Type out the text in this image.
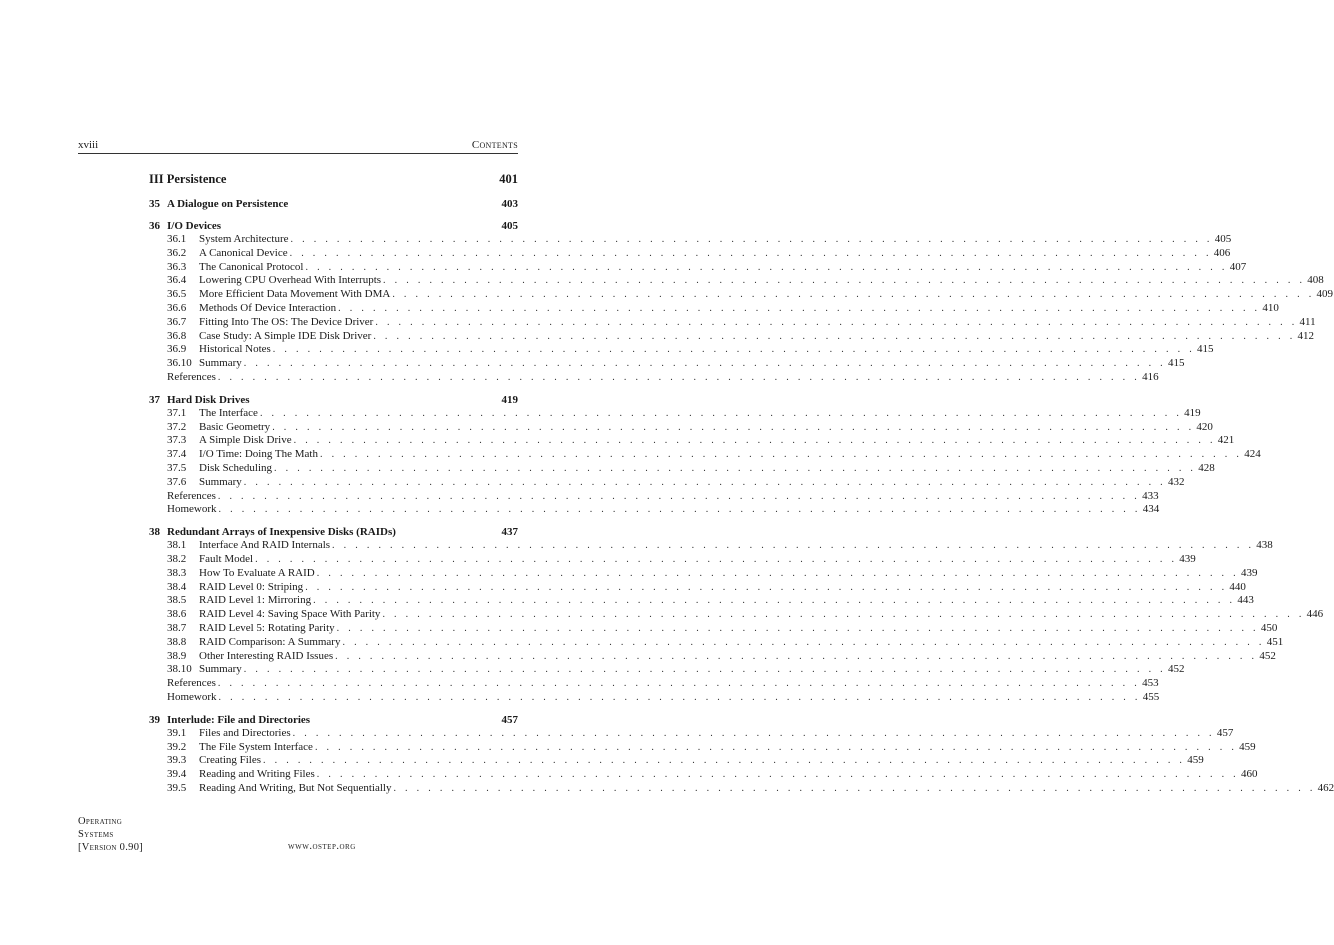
xviii	Contents
III Persistence	401
35 A Dialogue on Persistence	403
36 I/O Devices	405
36.1	System Architecture . . . . . . . . . . . . . . . . . . . . . . . . . . . . . . . . . . . . . . . . . . . . . . . . . . . . . . . . . . . . . . . . . . . . . . . . . . . . . . . . 405
36.2	A Canonical Device . . . . . . . . . . . . . . . . . . . . . . . . . . . . . . . . . . . . . . . . . . . . . . . . . . . . . . . . . . . . . . . . . . . . . . . . . . . . . . . . 406
36.3	The Canonical Protocol . . . . . . . . . . . . . . . . . . . . . . . . . . . . . . . . . . . . . . . . . . . . . . . . . . . . . . . . . . . . . . . . . . . . . . . . . . . . . . . . 407
36.4	Lowering CPU Overhead With Interrupts . . . . . . . . . . . . . . . . . . . . . . . . . . . . . . . . . . . . . . . . . . . . . . . . . . . . . . . . . . . . . . . . . . . . . . . . . . . . . . . . 408
36.5	More Efficient Data Movement With DMA . . . . . . . . . . . . . . . . . . . . . . . . . . . . . . . . . . . . . . . . . . . . . . . . . . . . . . . . . . . . . . . . . . . . . . . . . . . . . . . . 409
36.6	Methods Of Device Interaction . . . . . . . . . . . . . . . . . . . . . . . . . . . . . . . . . . . . . . . . . . . . . . . . . . . . . . . . . . . . . . . . . . . . . . . . . . . . . . . . 410
36.7	Fitting Into The OS: The Device Driver . . . . . . . . . . . . . . . . . . . . . . . . . . . . . . . . . . . . . . . . . . . . . . . . . . . . . . . . . . . . . . . . . . . . . . . . . . . . . . . . 411
36.8	Case Study: A Simple IDE Disk Driver . . . . . . . . . . . . . . . . . . . . . . . . . . . . . . . . . . . . . . . . . . . . . . . . . . . . . . . . . . . . . . . . . . . . . . . . . . . . . . . . 412
36.9	Historical Notes . . . . . . . . . . . . . . . . . . . . . . . . . . . . . . . . . . . . . . . . . . . . . . . . . . . . . . . . . . . . . . . . . . . . . . . . . . . . . . . . 415
36.10 Summary . . . . . . . . . . . . . . . . . . . . . . . . . . . . . . . . . . . . . . . . . . . . . . . . . . . . . . . . . . . . . . . . . . . . . . . . . . . . . . . . 415
References . . . . . . . . . . . . . . . . . . . . . . . . . . . . . . . . . . . . . . . . . . . . . . . . . . . . . . . . . . . . . . . . . . . . . . . . . . . . . . . . 416
37 Hard Disk Drives	419
37.1	The Interface . . . . . . . . . . . . . . . . . . . . . . . . . . . . . . . . . . . . . . . . . . . . . . . . . . . . . . . . . . . . . . . . . . . . . . . . . . . . . . . . 419
37.2	Basic Geometry . . . . . . . . . . . . . . . . . . . . . . . . . . . . . . . . . . . . . . . . . . . . . . . . . . . . . . . . . . . . . . . . . . . . . . . . . . . . . . . . 420
37.3	A Simple Disk Drive . . . . . . . . . . . . . . . . . . . . . . . . . . . . . . . . . . . . . . . . . . . . . . . . . . . . . . . . . . . . . . . . . . . . . . . . . . . . . . . . 421
37.4	I/O Time: Doing The Math . . . . . . . . . . . . . . . . . . . . . . . . . . . . . . . . . . . . . . . . . . . . . . . . . . . . . . . . . . . . . . . . . . . . . . . . . . . . . . . . 424
37.5	Disk Scheduling . . . . . . . . . . . . . . . . . . . . . . . . . . . . . . . . . . . . . . . . . . . . . . . . . . . . . . . . . . . . . . . . . . . . . . . . . . . . . . . . 428
37.6	Summary . . . . . . . . . . . . . . . . . . . . . . . . . . . . . . . . . . . . . . . . . . . . . . . . . . . . . . . . . . . . . . . . . . . . . . . . . . . . . . . . 432
References . . . . . . . . . . . . . . . . . . . . . . . . . . . . . . . . . . . . . . . . . . . . . . . . . . . . . . . . . . . . . . . . . . . . . . . . . . . . . . . . 433
Homework . . . . . . . . . . . . . . . . . . . . . . . . . . . . . . . . . . . . . . . . . . . . . . . . . . . . . . . . . . . . . . . . . . . . . . . . . . . . . . . . 434
38 Redundant Arrays of Inexpensive Disks (RAIDs)	437
38.1	Interface And RAID Internals . . . . . . . . . . . . . . . . . . . . . . . . . . . . . . . . . . . . . . . . . . . . . . . . . . . . . . . . . . . . . . . . . . . . . . . . . . . . . . . . 438
38.2	Fault Model . . . . . . . . . . . . . . . . . . . . . . . . . . . . . . . . . . . . . . . . . . . . . . . . . . . . . . . . . . . . . . . . . . . . . . . . . . . . . . . . 439
38.3	How To Evaluate A RAID . . . . . . . . . . . . . . . . . . . . . . . . . . . . . . . . . . . . . . . . . . . . . . . . . . . . . . . . . . . . . . . . . . . . . . . . . . . . . . . . 439
38.4	RAID Level 0: Striping . . . . . . . . . . . . . . . . . . . . . . . . . . . . . . . . . . . . . . . . . . . . . . . . . . . . . . . . . . . . . . . . . . . . . . . . . . . . . . . . 440
38.5	RAID Level 1: Mirroring . . . . . . . . . . . . . . . . . . . . . . . . . . . . . . . . . . . . . . . . . . . . . . . . . . . . . . . . . . . . . . . . . . . . . . . . . . . . . . . . 443
38.6	RAID Level 4: Saving Space With Parity . . . . . . . . . . . . . . . . . . . . . . . . . . . . . . . . . . . . . . . . . . . . . . . . . . . . . . . . . . . . . . . . . . . . . . . . . . . . . . . . 446
38.7	RAID Level 5: Rotating Parity . . . . . . . . . . . . . . . . . . . . . . . . . . . . . . . . . . . . . . . . . . . . . . . . . . . . . . . . . . . . . . . . . . . . . . . . . . . . . . . . 450
38.8	RAID Comparison: A Summary . . . . . . . . . . . . . . . . . . . . . . . . . . . . . . . . . . . . . . . . . . . . . . . . . . . . . . . . . . . . . . . . . . . . . . . . . . . . . . . . 451
38.9	Other Interesting RAID Issues . . . . . . . . . . . . . . . . . . . . . . . . . . . . . . . . . . . . . . . . . . . . . . . . . . . . . . . . . . . . . . . . . . . . . . . . . . . . . . . . 452
38.10 Summary . . . . . . . . . . . . . . . . . . . . . . . . . . . . . . . . . . . . . . . . . . . . . . . . . . . . . . . . . . . . . . . . . . . . . . . . . . . . . . . . 452
References . . . . . . . . . . . . . . . . . . . . . . . . . . . . . . . . . . . . . . . . . . . . . . . . . . . . . . . . . . . . . . . . . . . . . . . . . . . . . . . . 453
Homework . . . . . . . . . . . . . . . . . . . . . . . . . . . . . . . . . . . . . . . . . . . . . . . . . . . . . . . . . . . . . . . . . . . . . . . . . . . . . . . . 455
39 Interlude: File and Directories	457
39.1	Files and Directories . . . . . . . . . . . . . . . . . . . . . . . . . . . . . . . . . . . . . . . . . . . . . . . . . . . . . . . . . . . . . . . . . . . . . . . . . . . . . . . . 457
39.2	The File System Interface . . . . . . . . . . . . . . . . . . . . . . . . . . . . . . . . . . . . . . . . . . . . . . . . . . . . . . . . . . . . . . . . . . . . . . . . . . . . . . . . 459
39.3	Creating Files . . . . . . . . . . . . . . . . . . . . . . . . . . . . . . . . . . . . . . . . . . . . . . . . . . . . . . . . . . . . . . . . . . . . . . . . . . . . . . . . 459
39.4	Reading and Writing Files . . . . . . . . . . . . . . . . . . . . . . . . . . . . . . . . . . . . . . . . . . . . . . . . . . . . . . . . . . . . . . . . . . . . . . . . . . . . . . . . 460
39.5	Reading And Writing, But Not Sequentially . . . . . . . . . . . . . . . . . . . . . . . . . . . . . . . . . . . . . . . . . . . . . . . . . . . . . . . . . . . . . . . . . . . . . . . . . . . . . . . . 462
Operating
Systems
[Version 0.90]	www.ostep.org
